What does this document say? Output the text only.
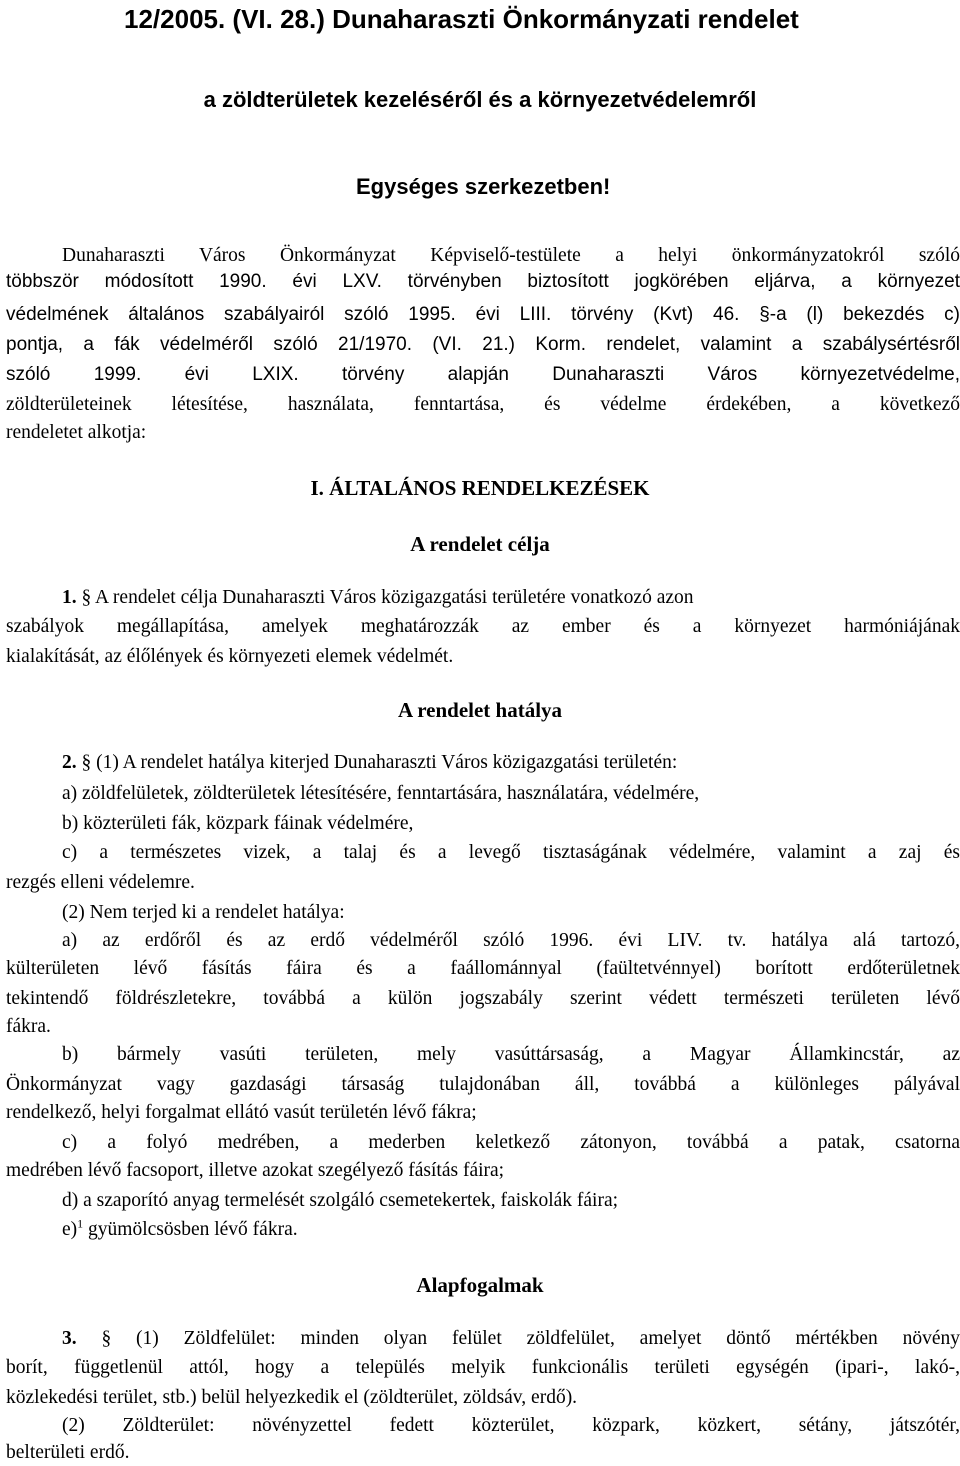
12/2005. (VI. 28.) Dunaharaszti Önkormányzati rendelet

a zöldterületek kezeléséről és a környezetvédelemről

Egységes szerkezetben!

Dunaharaszti Város Önkormányzat Képviselő-testülete a helyi önkormányzatokról szóló

többször módosított 1990. évi LXV. törvényben biztosított jogkörében eljárva, a környezet

védelmének általános szabályairól szóló 1995. évi LIII. törvény (Kvt) 46. §-a (l) bekezdés c)

pontja, a fák védelméről szóló 21/1970. (VI. 21.) Korm. rendelet, valamint a szabálysértésről

szóló 1999. évi LXIX. törvény alapján Dunaharaszti Város környezetvédelme,

zöldterületeinek létesítése, használata, fenntartása, és védelme érdekében, a következő

rendeletet alkotja:

I. ÁLTALÁNOS RENDELKEZÉSEK

A rendelet célja

1. § A rendelet célja Dunaharaszti Város közigazgatási területére vonatkozó azon

szabályok megállapítása, amelyek meghatározzák az ember és a környezet harmóniájának

kialakítását, az élőlények és környezeti elemek védelmét.

A rendelet hatálya

2. § (1) A rendelet hatálya kiterjed Dunaharaszti Város közigazgatási területén:

a) zöldfelületek, zöldterületek létesítésére, fenntartására, használatára, védelmére,

b) közterületi fák, közpark fáinak védelmére,

c) a természetes vizek, a talaj és a levegő tisztaságának védelmére, valamint a zaj és

rezgés elleni védelemre.

(2) Nem terjed ki a rendelet hatálya:

a) az erdőről és az erdő védelméről szóló 1996. évi LIV. tv. hatálya alá tartozó,

külterületen lévő fásítás fáira és a faállománnyal (faültetvénnyel) borított erdőterületnek

tekintendő földrészletekre, továbbá a külön jogszabály szerint védett természeti területen lévő

fákra.

b) bármely vasúti területen, mely vasúttársaság, a Magyar Államkincstár, az

Önkormányzat vagy gazdasági társaság tulajdonában áll, továbbá a különleges pályával

rendelkező, helyi forgalmat ellátó vasút területén lévő fákra;

c) a folyó medrében, a mederben keletkező zátonyon, továbbá a patak, csatorna

medrében lévő facsoport, illetve azokat szegélyező fásítás fáira;

d) a szaporító anyag termelését szolgáló csemetekertek, faiskolák fáira;

e)$^1$ gyümölcsösben lévő fákra.

Alapfogalmak

3. § (1) Zöldfelület: minden olyan felület zöldfelület, amelyet döntő mértékben növény

borít, függetlenül attól, hogy a település melyik funkcionális területi egységén (ipari-, lakó-,

közlekedési terület, stb.) belül helyezkedik el (zöldterület, zöldsáv, erdő).

(2) Zöldterület: növényzettel fedett közterület, közpark, közkert, sétány, játszótér,

belterületi erdő.
